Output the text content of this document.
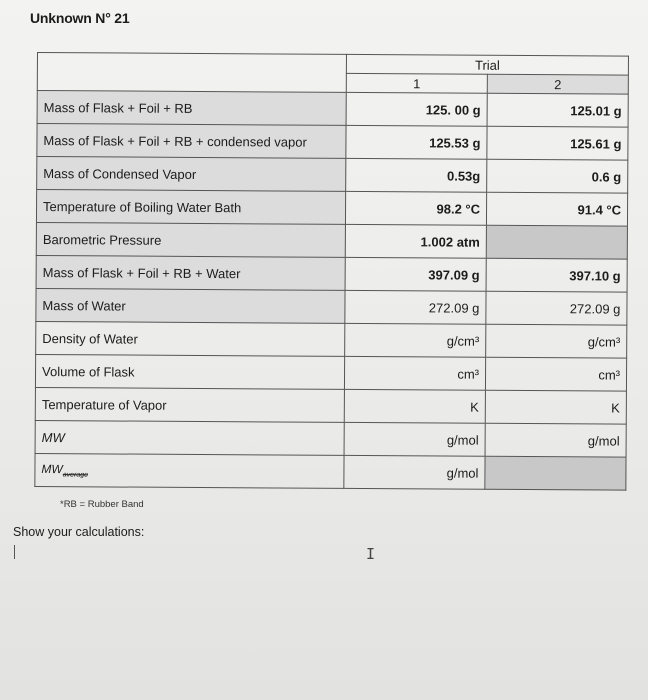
Unknown N° 21
	Trial	
	1	2
Mass of Flask + Foil + RB	125. 00 g	125.01 g
Mass of Flask + Foil + RB + condensed vapor	125.53 g	125.61 g
Mass of Condensed Vapor	0.53g	0.6 g
Temperature of Boiling Water Bath	98.2 °C	91.4 °C
Barometric Pressure	1.002 atm	
Mass of Flask + Foil + RB + Water	397.09 g	397.10 g
Mass of Water	272.09 g	272.09 g
Density of Water	g/cm³	g/cm³
Volume of Flask	cm³	cm³
Temperature of Vapor	K	K
MW	g/mol	g/mol
$MW_{average}$	g/mol	
*RB = Rubber Band
Show your calculations:
I
